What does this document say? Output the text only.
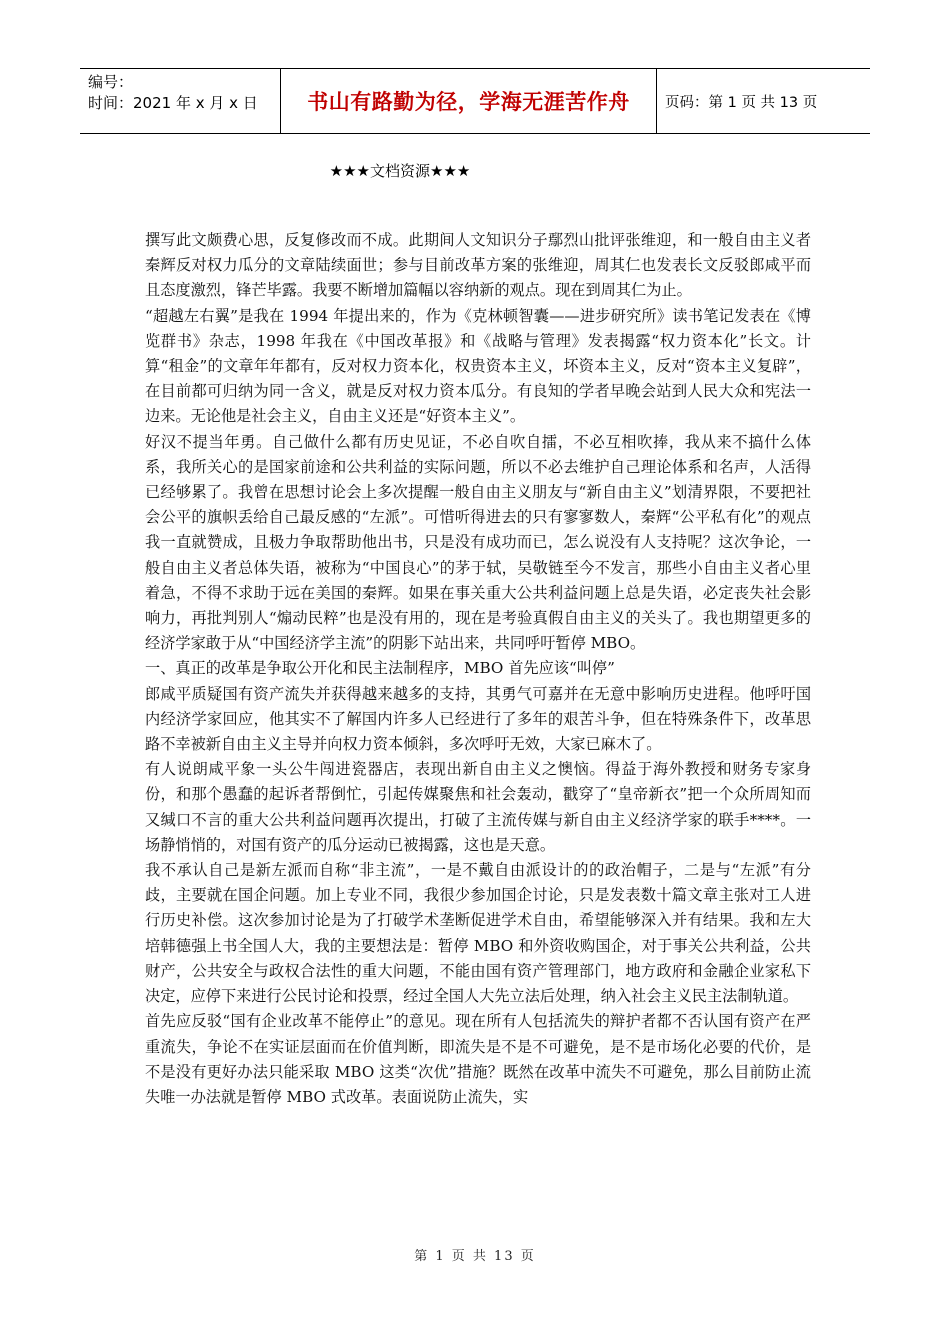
编号：
时间：2021 年 x 月 x 日	书山有路勤为径，学海无涯苦作舟	页码：第 1 页 共 13 页
★★★文档资源★★★

撰写此文颇费心思，反复修改而不成。此期间人文知识分子鄢烈山批评张维迎，和一般自由主义者秦辉反对权力瓜分的文章陆续面世；参与目前改革方案的张维迎，周其仁也发表长文反驳郎咸平而且态度激烈，锋芒毕露。我要不断增加篇幅以容纳新的观点。现在到周其仁为止。

“超越左右翼”是我在 1994 年提出来的，作为《克林顿智囊——进步研究所》读书笔记发表在《博览群书》杂志，1998 年我在《中国改革报》和《战略与管理》发表揭露“权力资本化”长文。计算“租金”的文章年年都有，反对权力资本化，权贵资本主义，坏资本主义，反对“资本主义复辟”，在目前都可归纳为同一含义，就是反对权力资本瓜分。有良知的学者早晚会站到人民大众和宪法一边来。无论他是社会主义，自由主义还是“好资本主义”。

好汉不提当年勇。自己做什么都有历史见证，不必自吹自擂，不必互相吹捧，我从来不搞什么体系，我所关心的是国家前途和公共利益的实际问题，所以不必去维护自己理论体系和名声，人活得已经够累了。我曾在思想讨论会上多次提醒一般自由主义朋友与“新自由主义”划清界限，不要把社会公平的旗帜丢给自己最反感的“左派”。可惜听得进去的只有寥寥数人，秦辉“公平私有化”的观点我一直就赞成，且极力争取帮助他出书，只是没有成功而已，怎么说没有人支持呢？这次争论，一般自由主义者总体失语，被称为“中国良心”的茅于轼，吴敬链至今不发言，那些小自由主义者心里着急，不得不求助于远在美国的秦辉。如果在事关重大公共利益问题上总是失语，必定丧失社会影响力，再批判别人“煽动民粹”也是没有用的，现在是考验真假自由主义的关头了。我也期望更多的经济学家敢于从“中国经济学主流”的阴影下站出来，共同呼吁暂停 MBO。

一、真正的改革是争取公开化和民主法制程序，MBO 首先应该“叫停”

郎咸平质疑国有资产流失并获得越来越多的支持，其勇气可嘉并在无意中影响历史进程。他呼吁国内经济学家回应，他其实不了解国内许多人已经进行了多年的艰苦斗争，但在特殊条件下，改革思路不幸被新自由主义主导并向权力资本倾斜，多次呼吁无效，大家已麻木了。

有人说朗咸平象一头公牛闯进瓷器店，表现出新自由主义之懊恼。得益于海外教授和财务专家身份，和那个愚蠢的起诉者帮倒忙，引起传媒聚焦和社会轰动，戳穿了“皇帝新衣”把一个众所周知而又缄口不言的重大公共利益问题再次提出，打破了主流传媒与新自由主义经济学家的联手****。一场静悄悄的，对国有资产的瓜分运动已被揭露，这也是天意。

我不承认自己是新左派而自称“非主流”，一是不戴自由派设计的的政治帽子，二是与“左派”有分歧，主要就在国企问题。加上专业不同，我很少参加国企讨论，只是发表数十篇文章主张对工人进行历史补偿。这次参加讨论是为了打破学术垄断促进学术自由，希望能够深入并有结果。我和左大培韩德强上书全国人大，我的主要想法是：暂停 MBO 和外资收购国企，对于事关公共利益，公共财产，公共安全与政权合法性的重大问题，不能由国有资产管理部门，地方政府和金融企业家私下决定，应停下来进行公民讨论和投票，经过全国人大先立法后处理，纳入社会主义民主法制轨道。

首先应反驳“国有企业改革不能停止”的意见。现在所有人包括流失的辩护者都不否认国有资产在严重流失，争论不在实证层面而在价值判断，即流失是不是不可避免，是不是市场化必要的代价，是不是没有更好办法只能采取 MBO 这类“次优”措施？既然在改革中流失不可避免，那么目前防止流失唯一办法就是暂停 MBO 式改革。表面说防止流失，实

第 1 页 共 13 页
